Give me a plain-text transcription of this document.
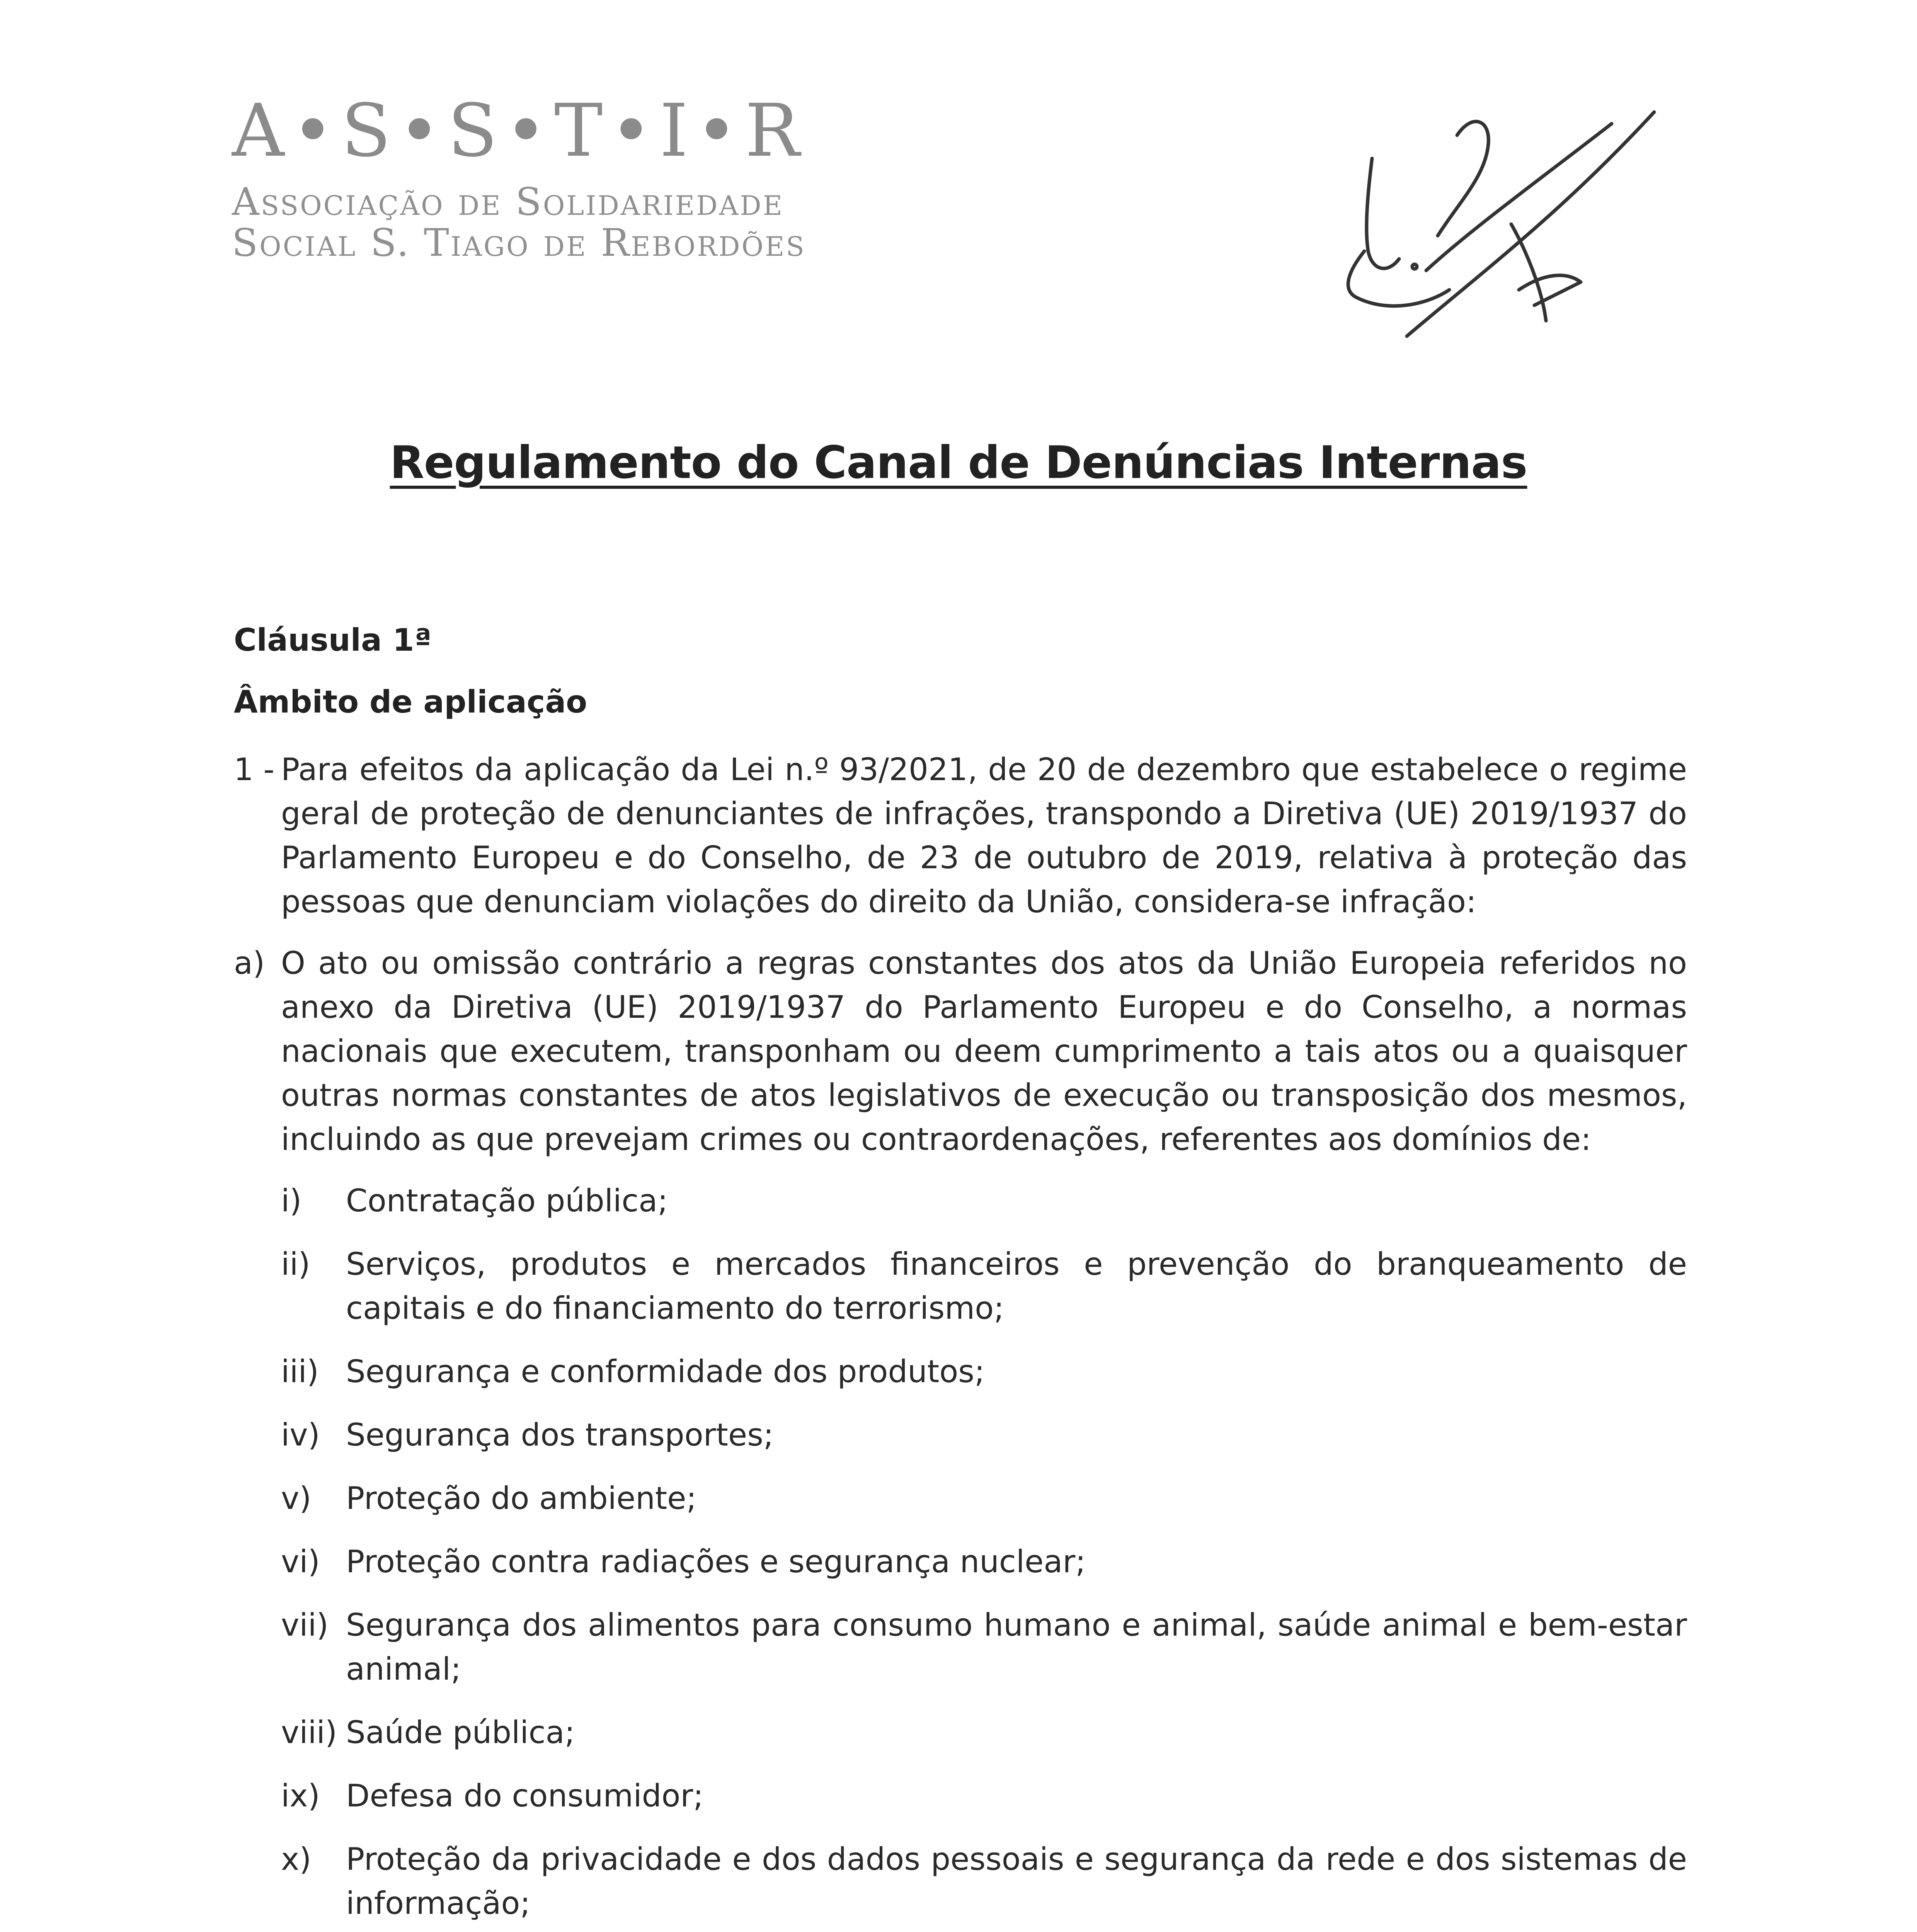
A•S•S•T•I•R
Associação de Solidariedade
Social S. Tiago de Rebordões
Regulamento do Canal de Denúncias Internas
Cláusula 1ª
Âmbito de aplicação
1 - Para efeitos da aplicação da Lei n.º 93/2021, de 20 de dezembro que estabelece o regime geral de proteção de denunciantes de infrações, transpondo a Diretiva (UE) 2019/1937 do Parlamento Europeu e do Conselho, de 23 de outubro de 2019, relativa à proteção das pessoas que denunciam violações do direito da União, considera-se infração:
a) O ato ou omissão contrário a regras constantes dos atos da União Europeia referidos no anexo da Diretiva (UE) 2019/1937 do Parlamento Europeu e do Conselho, a normas nacionais que executem, transponham ou deem cumprimento a tais atos ou a quaisquer outras normas constantes de atos legislativos de execução ou transposição dos mesmos, incluindo as que prevejam crimes ou contraordenações, referentes aos domínios de:
i) Contratação pública;
ii) Serviços, produtos e mercados financeiros e prevenção do branqueamento de capitais e do financiamento do terrorismo;
iii) Segurança e conformidade dos produtos;
iv) Segurança dos transportes;
v) Proteção do ambiente;
vi) Proteção contra radiações e segurança nuclear;
vii) Segurança dos alimentos para consumo humano e animal, saúde animal e bem-estar animal;
viii) Saúde pública;
ix) Defesa do consumidor;
x) Proteção da privacidade e dos dados pessoais e segurança da rede e dos sistemas de informação;
